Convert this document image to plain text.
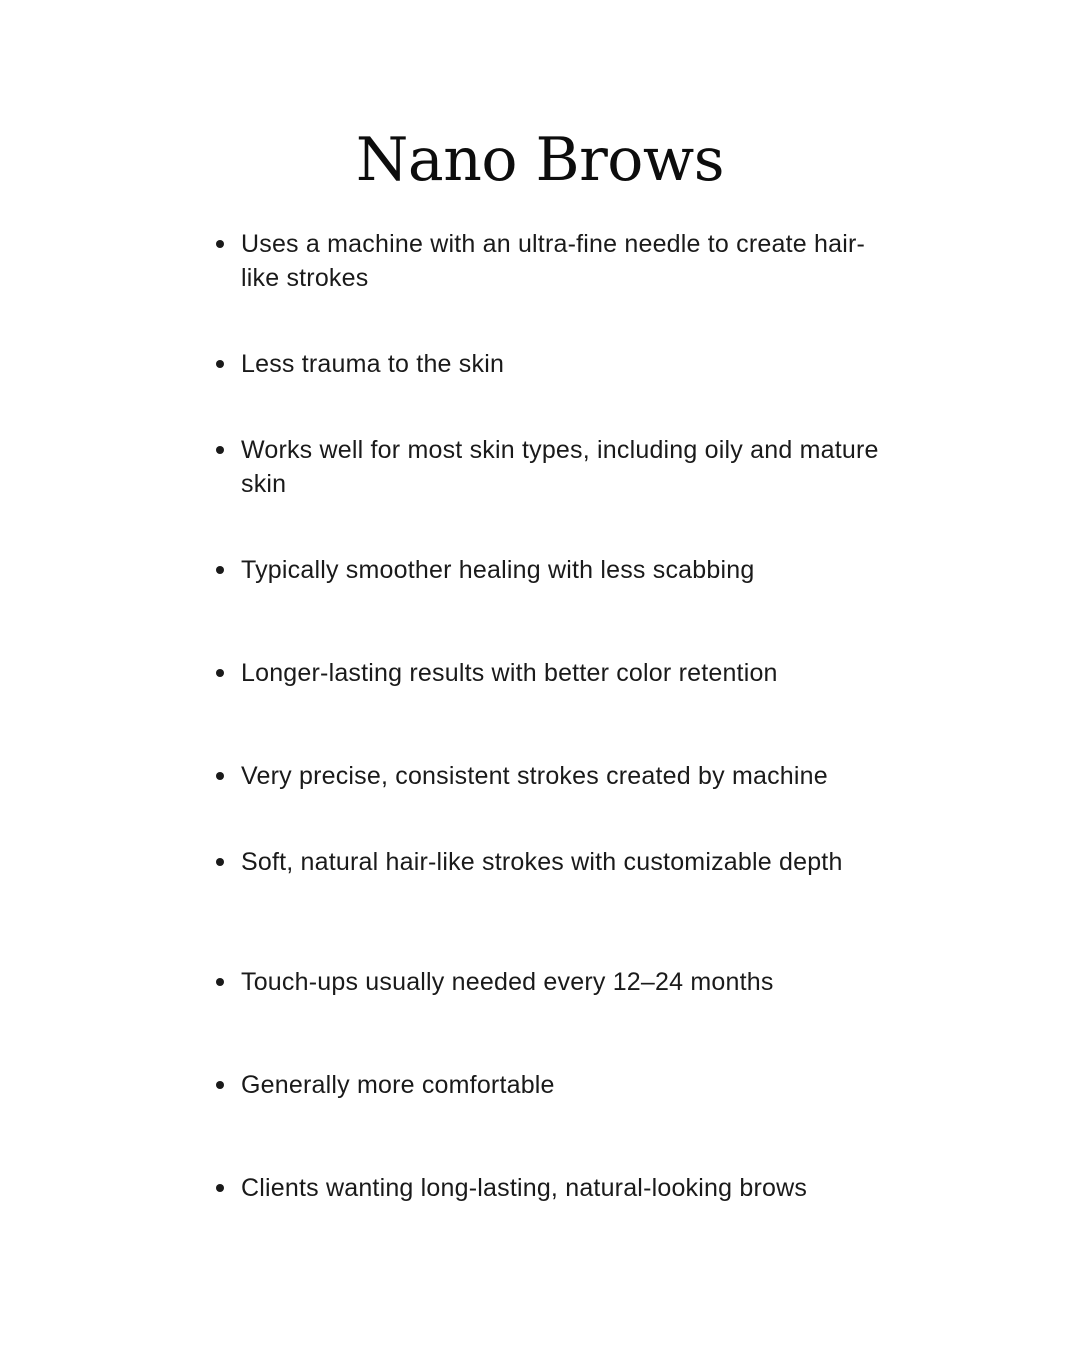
Nano Brows
Uses a machine with an ultra-fine needle to create hair-like strokes
Less trauma to the skin
Works well for most skin types, including oily and mature skin
Typically smoother healing with less scabbing
Longer-lasting results with better color retention
Very precise, consistent strokes created by machine
Soft, natural hair-like strokes with customizable depth
Touch-ups usually needed every 12–24 months
Generally more comfortable
Clients wanting long-lasting, natural-looking brows
